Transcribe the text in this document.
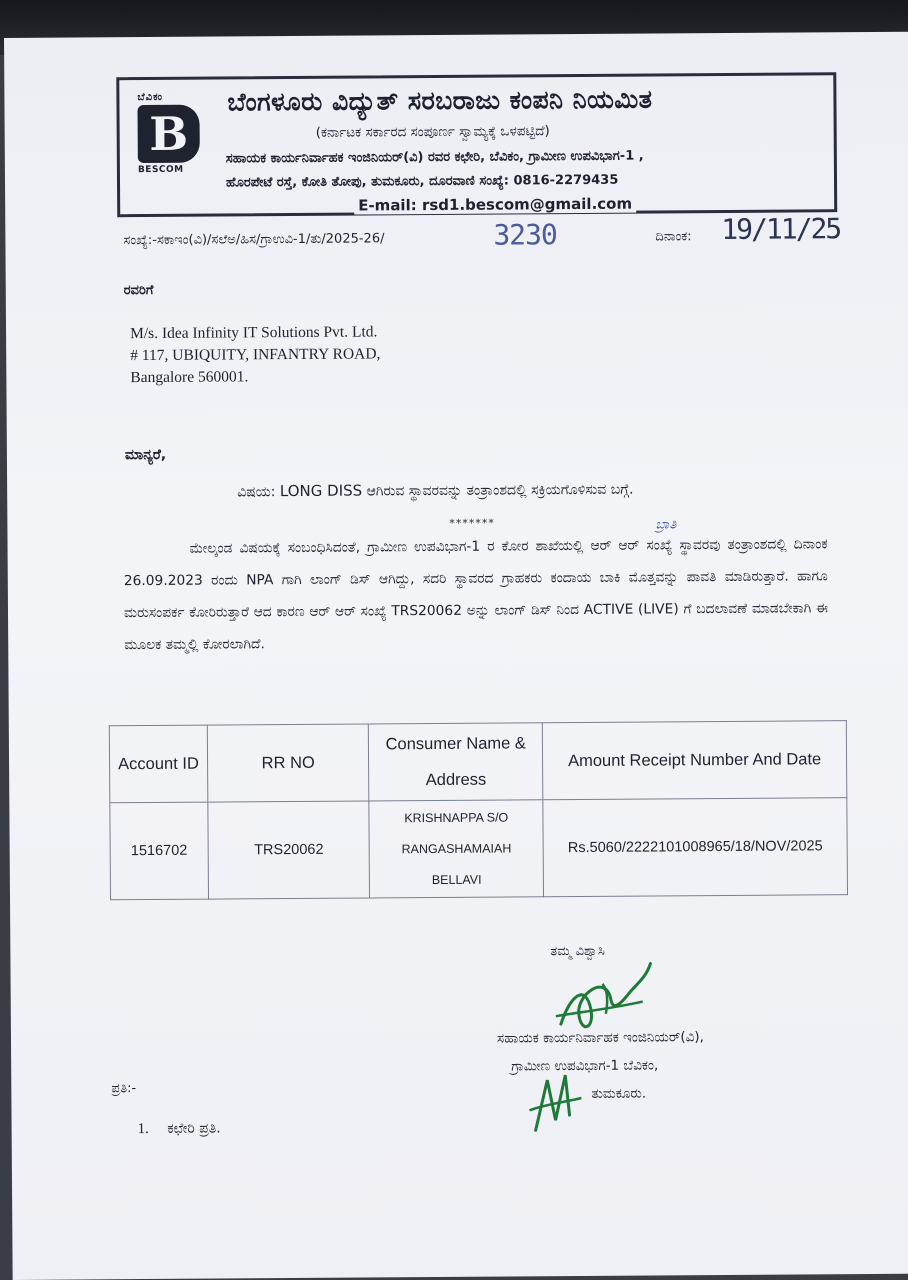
ಬೆವಿಕಂ
B
BESCOM
ಬೆಂಗಳೂರು ವಿದ್ಯುತ್ ಸರಬರಾಜು ಕಂಪನಿ ನಿಯಮಿತ
(ಕರ್ನಾಟಕ ಸರ್ಕಾರದ ಸಂಪೂರ್ಣ ಸ್ವಾಮ್ಯಕ್ಕೆ ಒಳಪಟ್ಟಿದೆ)
ಸಹಾಯಕ ಕಾರ್ಯನಿರ್ವಾಹಕ ಇಂಜಿನಿಯರ್(ವಿ) ರವರ ಕಛೇರಿ, ಬೆವಿಕಂ, ಗ್ರಾಮೀಣ ಉಪವಿಭಾಗ-1 ,
ಹೊರಪೇಟೆ ರಸ್ತೆ, ಕೋತಿ ತೋಪು, ತುಮಕೂರು, ದೂರವಾಣಿ ಸಂಖ್ಯೆ: 0816-2279435
E-mail: rsd1.bescom@gmail.com
ಸಂಖ್ಯೆ:-ಸಕಾಇಂ(ವಿ)/ಸಲೆಅ/ಹಿಸ/ಗ್ರಾಉವಿ-1/ತು/2025-26/	3230	ದಿನಾಂಕ: 19/11/25
ರವರಿಗೆ
M/s. Idea Infinity IT Solutions Pvt. Ltd.
# 117, UBIQUITY, INFANTRY ROAD,
Bangalore 560001.
ಮಾನ್ಯರೆ,
ವಿಷಯ: LONG DISS ಆಗಿರುವ ಸ್ಥಾವರವನ್ನು ತಂತ್ರಾಂಶದಲ್ಲಿ ಸಕ್ರಿಯಗೊಳಿಸುವ ಬಗ್ಗೆ.
*******	ಬ್ರಾತಿ

ಮೇಲ್ಕಂಡ ವಿಷಯಕ್ಕೆ ಸಂಬಂಧಿಸಿದಂತೆ, ಗ್ರಾಮೀಣ ಉಪವಿಭಾಗ-1 ರ ಕೋರ ಶಾಖೆಯಲ್ಲಿ ಆರ್ ಆರ್ ಸಂಖ್ಯೆ ಸ್ಥಾವರವು ತಂತ್ರಾಂಶದಲ್ಲಿ ದಿನಾಂಕ 26.09.2023 ರಂದು NPA ಗಾಗಿ ಲಾಂಗ್ ಡಿಸ್ ಆಗಿದ್ದು, ಸದರಿ ಸ್ಥಾವರದ ಗ್ರಾಹಕರು ಕಂದಾಯ ಬಾಕಿ ಮೊತ್ತವನ್ನು ಪಾವತಿ ಮಾಡಿರುತ್ತಾರೆ. ಹಾಗೂ ಮರುಸಂಪರ್ಕ ಕೋರಿರುತ್ತಾರೆ ಆದ ಕಾರಣ ಆರ್ ಆರ್ ಸಂಖ್ಯೆ TRS20062 ಅನ್ನು ಲಾಂಗ್ ಡಿಸ್ ನಿಂದ ACTIVE (LIVE) ಗೆ ಬದಲಾವಣೆ ಮಾಡಬೇಕಾಗಿ ಈ ಮೂಲಕ ತಮ್ಮಲ್ಲಿ ಕೋರಲಾಗಿದೆ.

Account ID	RR NO	Consumer Name & Address	Amount Receipt Number And Date
1516702	TRS20062	KRISHNAPPA S/O
RANGASHAMAIAH
BELLAVI	Rs.5060/2222101008965/18/NOV/2025
ತಮ್ಮ ವಿಶ್ವಾಸಿ
ಸಹಾಯಕ ಕಾರ್ಯನಿರ್ವಾಹಕ ಇಂಜಿನಿಯರ್(ವಿ),
ಗ್ರಾಮೀಣ ಉಪವಿಭಾಗ-1 ಬೆವಿಕಂ,
ತುಮಕೂರು.
ಪ್ರತಿ:-
1. ಕಛೇರಿ ಪ್ರತಿ.
